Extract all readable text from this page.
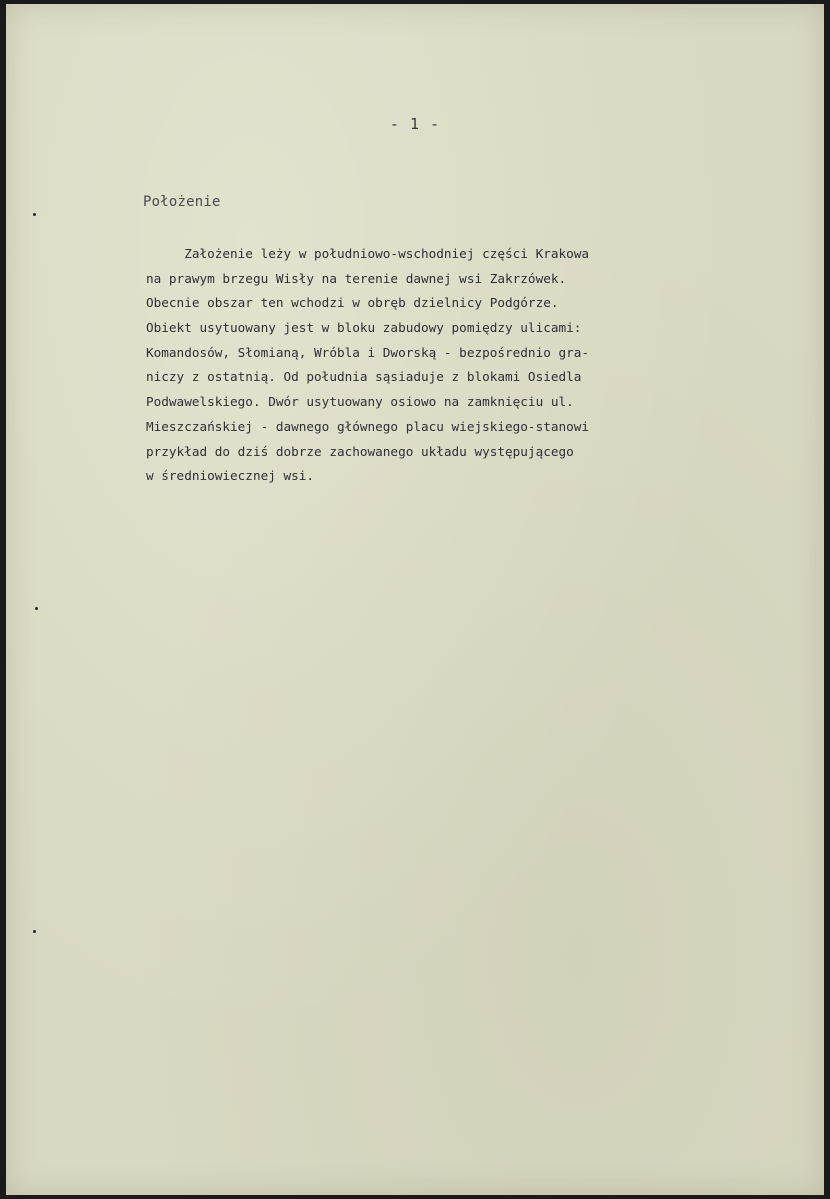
- 1 -
Położenie
Założenie leży w południowo-wschodniej części Krakowa
na prawym brzegu Wisły na terenie dawnej wsi Zakrzówek.
Obecnie obszar ten wchodzi w obręb dzielnicy Podgórze.
Obiekt usytuowany jest w bloku zabudowy pomiędzy ulicami:
Komandosów, Słomianą, Wróbla i Dworską - bezpośrednio gra-
niczy z ostatnią. Od południa sąsiaduje z blokami Osiedla
Podwawelskiego. Dwór usytuowany osiowo na zamknięciu ul.
Mieszczańskiej - dawnego głównego placu wiejskiego-stanowi
przykład do dziś dobrze zachowanego układu występującego
w średniowiecznej wsi.
